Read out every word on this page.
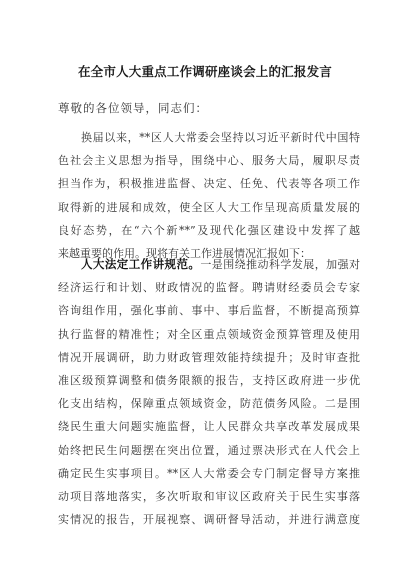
在全市人大重点工作调研座谈会上的汇报发言
尊敬的各位领导，同志们：
换届以来，**区人大常委会坚持以习近平新时代中国特
色社会主义思想为指导，围绕中心、服务大局，履职尽责
担当作为，积极推进监督、决定、任免、代表等各项工作
取得新的进展和成效，使全区人大工作呈现高质量发展的
良好态势，在“六个新**”及现代化强区建设中发挥了越
来越重要的作用。现将有关工作进展情况汇报如下：
人大法定工作讲规范。一是围绕推动科学发展，加强对
经济运行和计划、财政情况的监督。聘请财经委员会专家
咨询组作用，强化事前、事中、事后监督，不断提高预算
执行监督的精准性；对全区重点领域资金预算管理及使用
情况开展调研，助力财政管理效能持续提升；及时审查批
准区级预算调整和债务限额的报告，支持区政府进一步优
化支出结构，保障重点领域资金，防范债务风险。二是围
绕民生重大问题实施监督，让人民群众共享改革发展成果
始终把民生问题摆在突出位置，通过票决形式在人代会上
确定民生实事项目。**区人大常委会专门制定督导方案推
动项目落地落实，多次听取和审议区政府关于民生实事落
实情况的报告，开展视察、调研督导活动，并进行满意度
